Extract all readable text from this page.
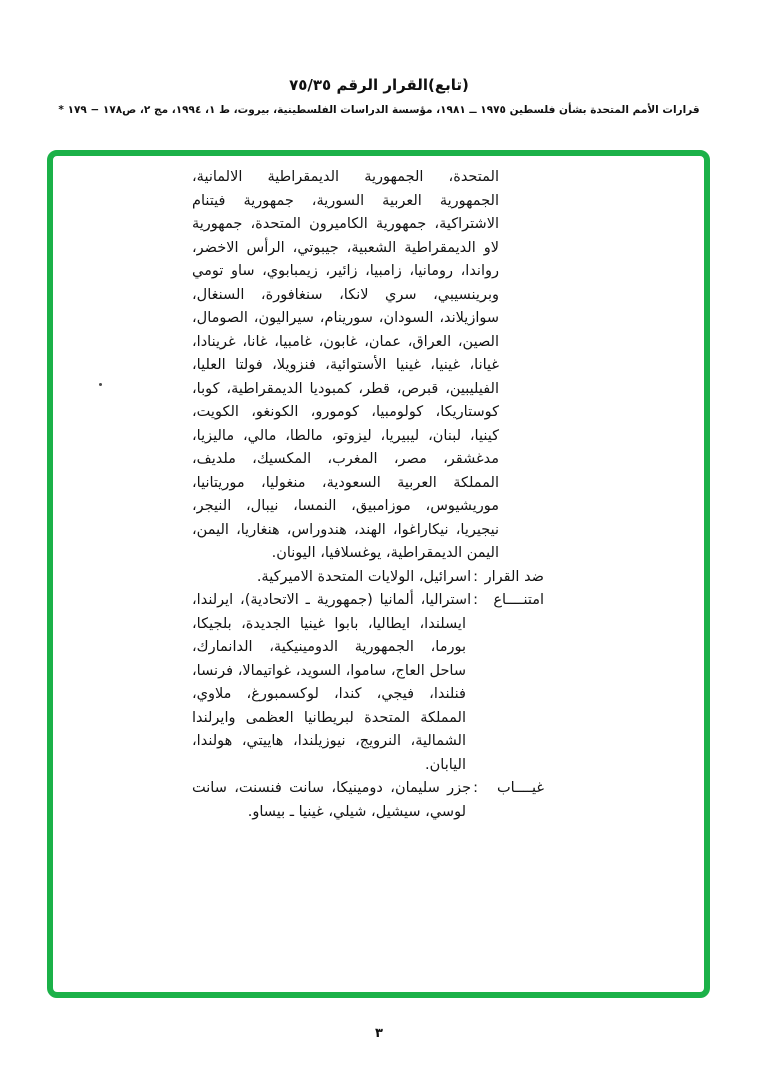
(تابع)القرار الرقم ٧٥/٣٥
قرارات الأمم المتحدة بشأن فلسطين ١٩٧٥ ــ ١٩٨١، مؤسسة الدراسات الفلسطينية، بيروت، ط ١، ١٩٩٤، مج ٢، ص١٧٨ − ١٧٩ *

المتحدة، الجمهورية الديمقراطية الالمانية، الجمهورية العربية السورية، جمهورية فيتنام الاشتراكية، جمهورية الكاميرون المتحدة، جمهورية لاو الديمقراطية الشعبية، جيبوتي، الرأس الاخضر، رواندا، رومانيا، زامبيا، زائير، زيمبابوي، ساو تومي وبرينسيبي، سري لانكا، سنغافورة، السنغال، سوازيلاند، السودان، سورينام، سيراليون، الصومال، الصين، العراق، عمان، غابون، غامبيا، غانا، غرينادا، غيانا، غينيا، غينيا الأستوائية، فنزويلا، فولتا العليا، الفيليبين، قبرص، قطر، كمبوديا الديمقراطية، كوبا، كوستاريكا، كولومبيا، كومورو، الكونغو، الكويت، كينيا، لبنان، ليبيريا، ليزوتو، مالطا، مالي، ماليزيا، مدغشقر، مصر، المغرب، المكسيك، ملديف، المملكة العربية السعودية، منغوليا، موريتانيا، موريشيوس، موزامبيق، النمسا، نيبال، النيجر، نيجيريا، نيكاراغوا، الهند، هندوراس، هنغاريا، اليمن، اليمن الديمقراطية، يوغسلافيا، اليونان.

ضد القرار:اسرائيل، الولايات المتحدة الاميركية.

امتنــــاع:استراليا، ألمانيا (جمهورية ـ الاتحادية)، ايرلندا، ايسلندا، ايطاليا، بابوا غينيا الجديدة، بلجيكا، بورما، الجمهورية الدومينيكية، الدانمارك، ساحل العاج، ساموا، السويد، غواتيمالا، فرنسا، فنلندا، فيجي، كندا، لوكسمبورغ، ملاوي، المملكة المتحدة لبريطانيا العظمى وايرلندا الشمالية، النرويج، نيوزيلندا، هاييتي، هولندا، اليابان.

غيــــاب:جزر سليمان، دومينيكا، سانت فنسنت، سانت لوسي، سيشيل، شيلي، غينيا ـ بيساو.

٣
